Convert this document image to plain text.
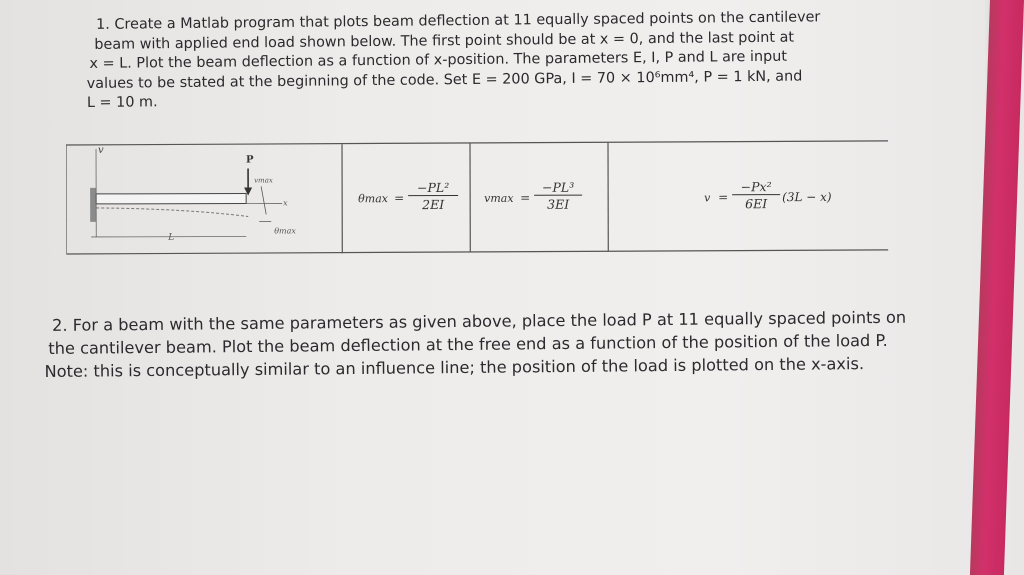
1. Create a Matlab program that plots beam deflection at 11 equally spaced points on the cantilever

beam with applied end load shown below. The first point should be at x = 0, and the last point at

x = L. Plot the beam deflection as a function of x-position. The parameters E, I, P and L are input

values to be stated at the beginning of the code. Set E = 200 GPa, I = 70 × 10⁶mm⁴, P = 1 kN, and

L = 10 m.

v
P
vmax
x
L
θmax
$\theta\max = \frac{\text{−PL²}}{2EI}$ $vmax = \frac{\text{−PL³}}{3EI}$	$v = \frac{\text{−Px²}}{6EI} (3L - x)$

2. For a beam with the same parameters as given above, place the load P at 11 equally spaced points on

the cantilever beam. Plot the beam deflection at the free end as a function of the position of the load P.

Note: this is conceptually similar to an influence line; the position of the load is plotted on the x-axis.
